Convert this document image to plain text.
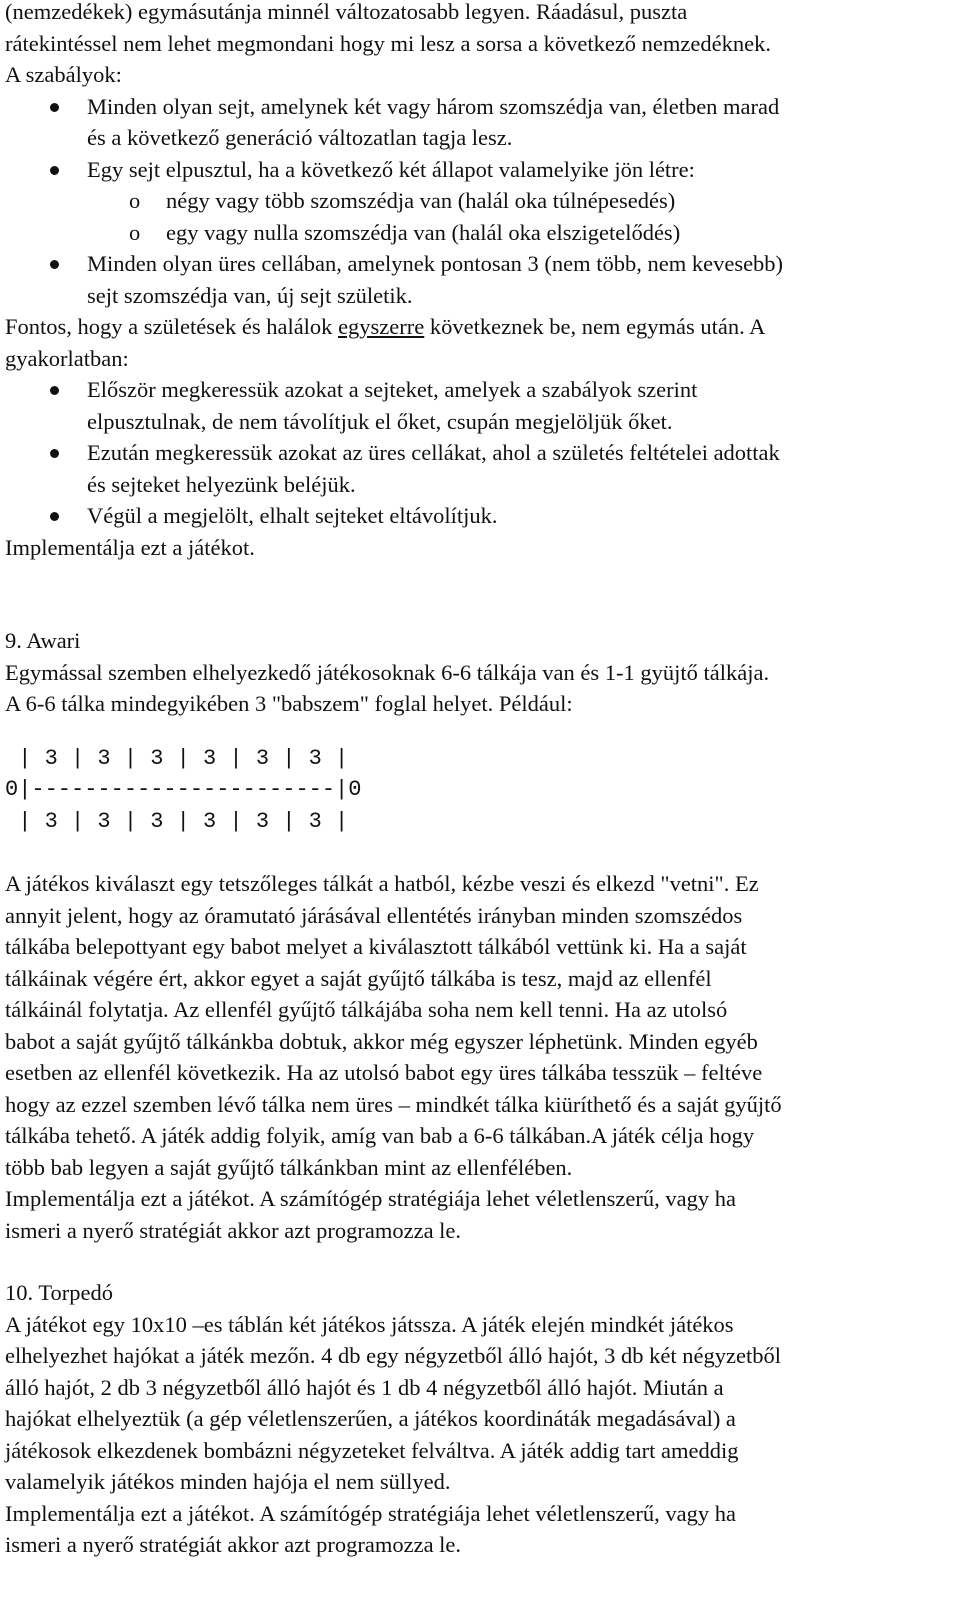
(nemzedékek) egymásutánja minnél változatosabb legyen. Ráadásul, puszta

rátekintéssel nem lehet megmondani hogy mi lesz a sorsa a következő nemzedéknek.

A szabályok:

Minden olyan sejt, amelynek két vagy három szomszédja van, életben marad

és a következő generáció változatlan tagja lesz.

Egy sejt elpusztul, ha a következő két állapot valamelyike jön létre:

o négy vagy több szomszédja van (halál oka túlnépesedés)
o egy vagy nulla szomszédja van (halál oka elszigetelődés)

Minden olyan üres cellában, amelynek pontosan 3 (nem több, nem kevesebb)

sejt szomszédja van, új sejt születik.

Fontos, hogy a születések és halálok egyszerre következnek be, nem egymás után. A

gyakorlatban:

Először megkeressük azokat a sejteket, amelyek a szabályok szerint

elpusztulnak, de nem távolítjuk el őket, csupán megjelöljük őket.

Ezután megkeressük azokat az üres cellákat, ahol a születés feltételei adottak

és sejteket helyezünk beléjük.

Végül a megjelölt, elhalt sejteket eltávolítjuk.

Implementálja ezt a játékot.

9. Awari

Egymással szemben elhelyezkedő játékosoknak 6-6 tálkája van és 1-1 gyüjtő tálkája.

A 6-6 tálka mindegyikében 3 "babszem" foglal helyet. Például:

| 3 | 3 | 3 | 3 | 3 | 3 |

0|-----------------------|0

| 3 | 3 | 3 | 3 | 3 | 3 |

A játékos kiválaszt egy tetszőleges tálkát a hatból, kézbe veszi és elkezd "vetni". Ez

annyit jelent, hogy az óramutató járásával ellentétés irányban minden szomszédos

tálkába belepottyant egy babot melyet a kiválasztott tálkából vettünk ki. Ha a saját

tálkáinak végére ért, akkor egyet a saját gyűjtő tálkába is tesz, majd az ellenfél

tálkáinál folytatja. Az ellenfél gyűjtő tálkájába soha nem kell tenni. Ha az utolsó

babot a saját gyűjtő tálkánkba dobtuk, akkor még egyszer léphetünk. Minden egyéb

esetben az ellenfél következik. Ha az utolsó babot egy üres tálkába tesszük – feltéve

hogy az ezzel szemben lévő tálka nem üres – mindkét tálka kiüríthető és a saját gyűjtő

tálkába tehető. A játék addig folyik, amíg van bab a 6-6 tálkában.A játék célja hogy

több bab legyen a saját gyűjtő tálkánkban mint az ellenfélében.

Implementálja ezt a játékot. A számítógép stratégiája lehet véletlenszerű, vagy ha

ismeri a nyerő stratégiát akkor azt programozza le.

10. Torpedó

A játékot egy 10x10 –es táblán két játékos játssza. A játék elején mindkét játékos

elhelyezhet hajókat a játék mezőn. 4 db egy négyzetből álló hajót, 3 db két négyzetből

álló hajót, 2 db 3 négyzetből álló hajót és 1 db 4 négyzetből álló hajót. Miután a

hajókat elhelyeztük (a gép véletlenszerűen, a játékos koordináták megadásával) a

játékosok elkezdenek bombázni négyzeteket felváltva. A játék addig tart ameddig

valamelyik játékos minden hajója el nem süllyed.

Implementálja ezt a játékot. A számítógép stratégiája lehet véletlenszerű, vagy ha

ismeri a nyerő stratégiát akkor azt programozza le.
